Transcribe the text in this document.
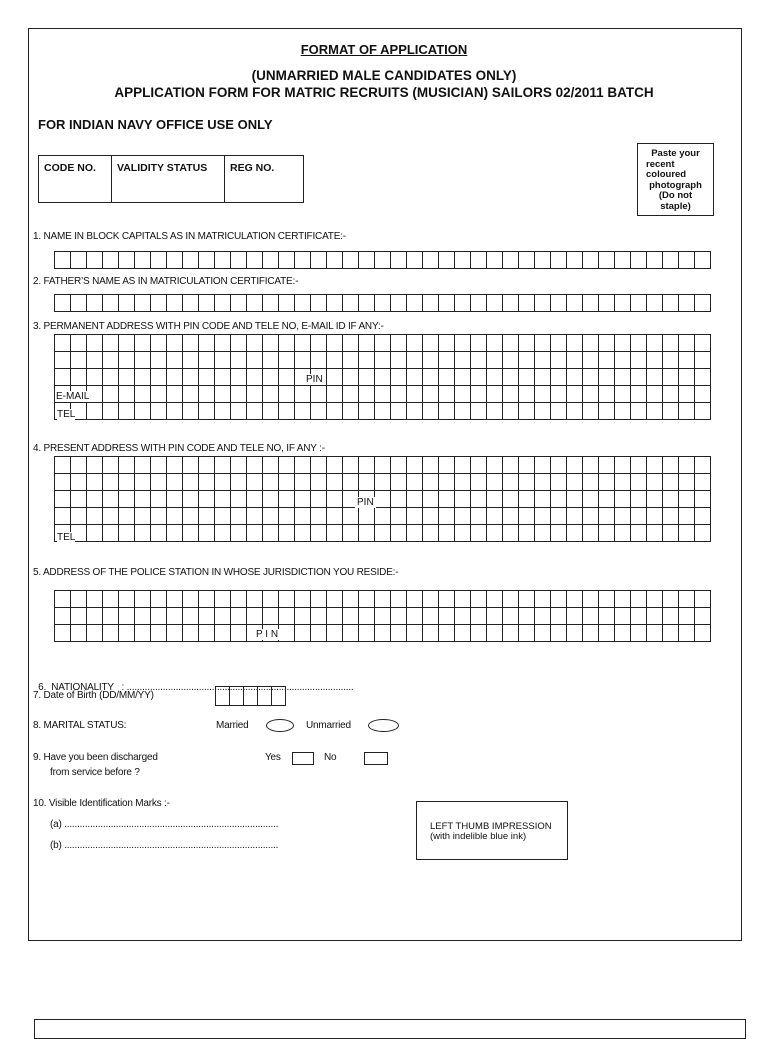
FORMAT OF APPLICATION
(UNMARRIED MALE CANDIDATES ONLY)
APPLICATION FORM FOR MATRIC RECRUITS (MUSICIAN) SAILORS 02/2011 BATCH
FOR INDIAN NAVY OFFICE USE ONLY
CODE NO.	VALIDITY STATUS	REG NO.
Paste your
recent
coloured
photograph
(Do not
staple)
1. NAME IN BLOCK CAPITALS AS IN MATRICULATION CERTIFICATE:-
2. FATHER’S NAME AS IN MATRICULATION CERTIFICATE:-
3. PERMANENT ADDRESS WITH PIN CODE AND TELE NO, E-MAIL ID IF ANY:-
PIN
E-MAIL
TEL
4. PRESENT ADDRESS WITH PIN CODE AND TELE NO, IF ANY :-
PIN
TEL
5. ADDRESS OF THE POLICE STATION IN WHOSE JURISDICTION YOU RESIDE:-
P I N

6.  NATIONALITY   : ........................................................................................

7. Date of Birth (DD/MM/YY)
8. MARITAL STATUS:	Married	Unmarried
9. Have you been discharged
from service before ?
Yes	No
10. Visible Identification Marks :-
(a) ...................................................................................
(b) ...................................................................................
LEFT THUMB IMPRESSION
(with indelible blue ink)
